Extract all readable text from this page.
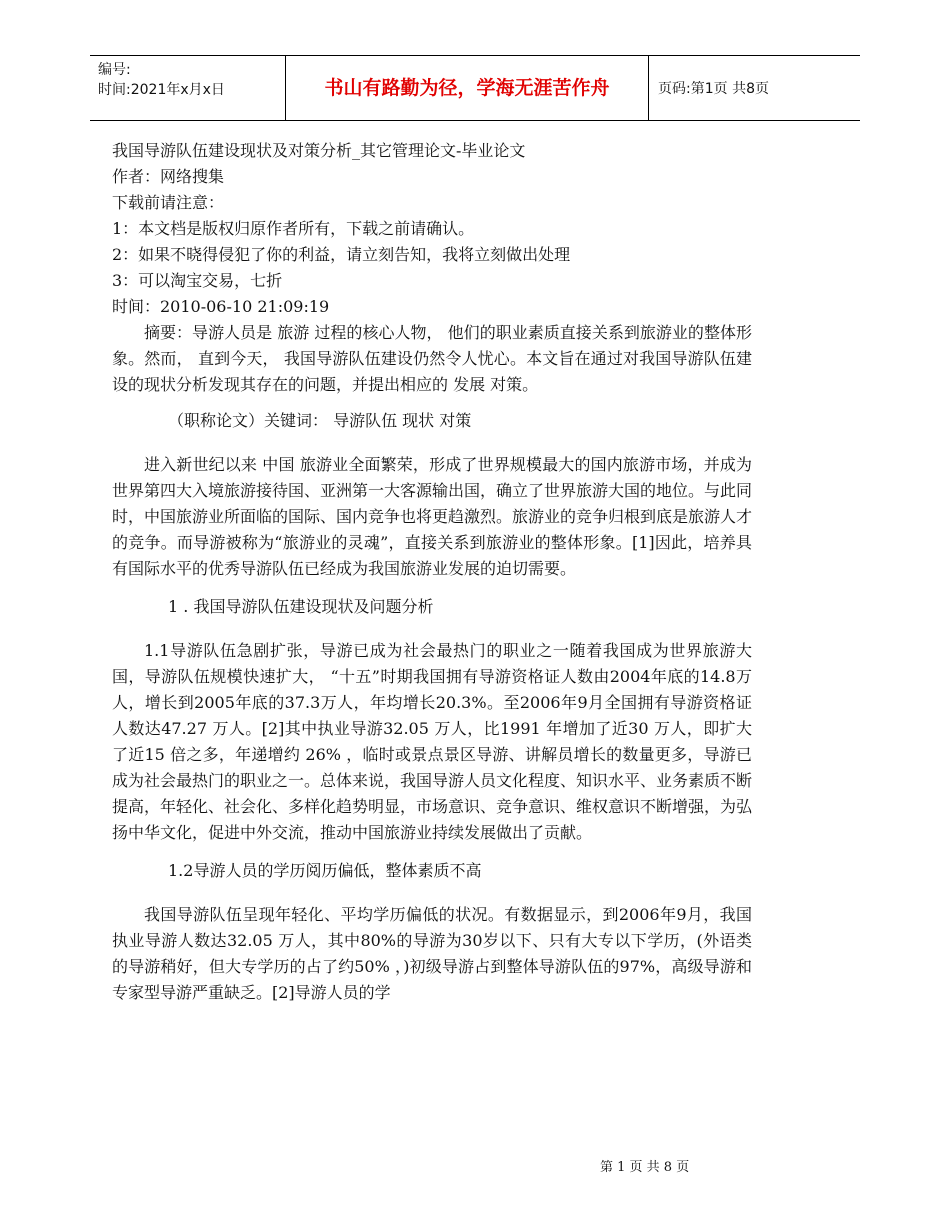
编号:
时间:2021年x月x日	书山有路勤为径，学海无涯苦作舟	页码:第1页 共8页
我国导游队伍建设现状及对策分析_其它管理论文-毕业论文
作者：网络搜集
下载前请注意：
1：本文档是版权归原作者所有，下载之前请确认。
2：如果不晓得侵犯了你的利益，请立刻告知，我将立刻做出处理
3：可以淘宝交易，七折
时间：2010-06-10 21:09:19

摘要：导游人员是 旅游 过程的核心人物， 他们的职业素质直接关系到旅游业的整体形象。然而， 直到今天， 我国导游队伍建设仍然令人忧心。本文旨在通过对我国导游队伍建设的现状分析发现其存在的问题，并提出相应的 发展 对策。

（职称论文）关键词： 导游队伍 现状 对策

进入新世纪以来 中国 旅游业全面繁荣，形成了世界规模最大的国内旅游市场，并成为世界第四大入境旅游接待国、亚洲第一大客源输出国，确立了世界旅游大国的地位。与此同时，中国旅游业所面临的国际、国内竞争也将更趋激烈。旅游业的竞争归根到底是旅游人才的竞争。而导游被称为“旅游业的灵魂”，直接关系到旅游业的整体形象。[1]因此，培养具有国际水平的优秀导游队伍已经成为我国旅游业发展的迫切需要。

1 . 我国导游队伍建设现状及问题分析

1.1导游队伍急剧扩张，导游已成为社会最热门的职业之一随着我国成为世界旅游大国，导游队伍规模快速扩大， “十五”时期我国拥有导游资格证人数由2004年底的14.8万人，增长到2005年底的37.3万人，年均增长20.3%。至2006年9月全国拥有导游资格证人数达47.27 万人。[2]其中执业导游32.05 万人，比1991 年增加了近30 万人，即扩大了近15 倍之多，年递增约 26% ，临时或景点景区导游、讲解员增长的数量更多，导游已成为社会最热门的职业之一。总体来说，我国导游人员文化程度、知识水平、业务素质不断提高，年轻化、社会化、多样化趋势明显，市场意识、竞争意识、维权意识不断增强，为弘扬中华文化，促进中外交流，推动中国旅游业持续发展做出了贡献。

1.2导游人员的学历阅历偏低，整体素质不高

我国导游队伍呈现年轻化、平均学历偏低的状况。有数据显示，到2006年9月，我国执业导游人数达32.05 万人，其中80%的导游为30岁以下、只有大专以下学历，(外语类的导游稍好，但大专学历的占了约50% ，)初级导游占到整体导游队伍的97%，高级导游和专家型导游严重缺乏。[2]导游人员的学

第 1 页 共 8 页
